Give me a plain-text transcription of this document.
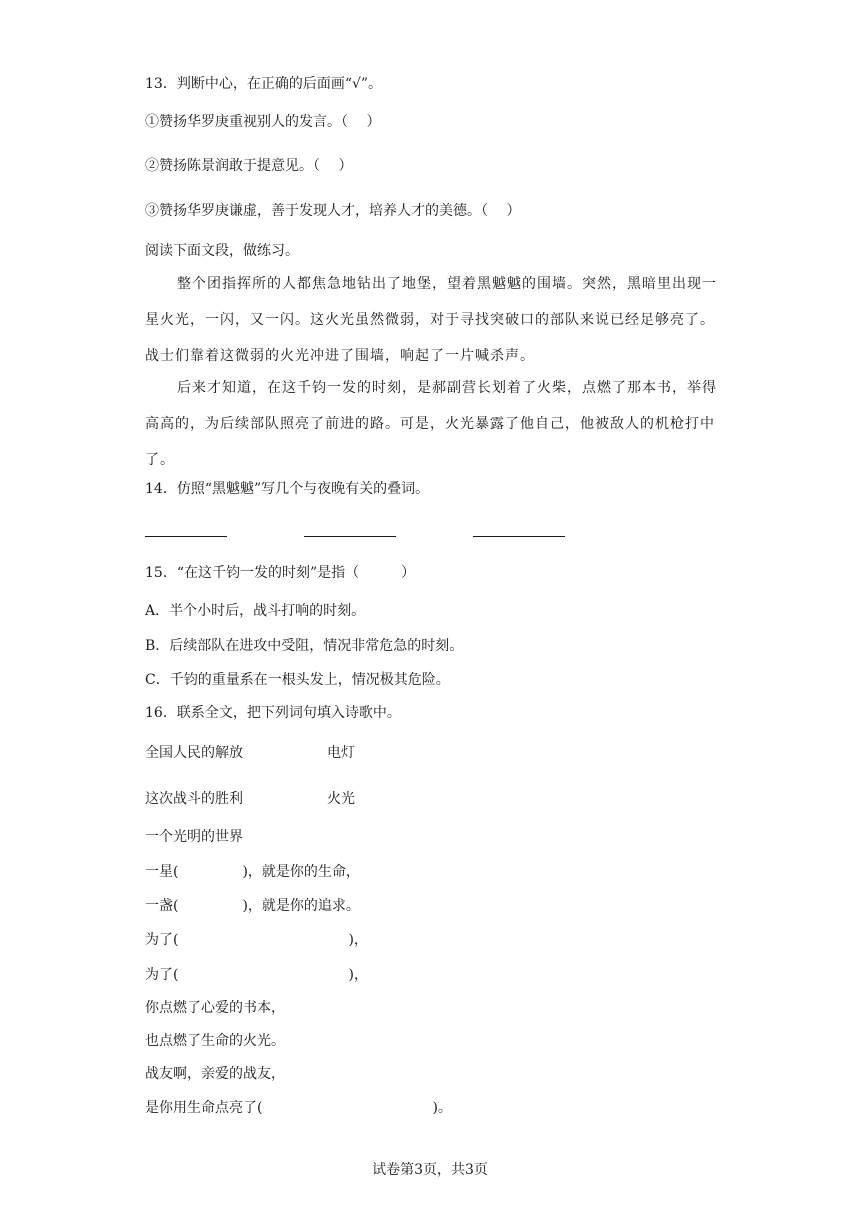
13．判断中心，在正确的后面画“√”。
①赞扬华罗庚重视别人的发言。（　 ）
②赞扬陈景润敢于提意见。（　 ）
③赞扬华罗庚谦虚，善于发现人才，培养人才的美德。（　 ）
阅读下面文段，做练习。
整个团指挥所的人都焦急地钻出了地堡，望着黑魆魆的围墙。突然，黑暗里出现一星火光，一闪，又一闪。这火光虽然微弱，对于寻找突破口的部队来说已经足够亮了。战士们靠着这微弱的火光冲进了围墙，响起了一片喊杀声。
后来才知道，在这千钧一发的时刻，是郝副营长划着了火柴，点燃了那本书，举得高高的，为后续部队照亮了前进的路。可是，火光暴露了他自己，他被敌人的机枪打中了。
14．仿照“黑魆魆”写几个与夜晚有关的叠词。
15．“在这千钧一发的时刻”是指（　　　）
A．半个小时后，战斗打响的时刻。
B．后续部队在进攻中受阻，情况非常危急的时刻。
C．千钧的重量系在一根头发上，情况极其危险。
16．联系全文，把下列词句填入诗歌中。
全国人民的解放	电灯
这次战斗的胜利	火光
一个光明的世界
一星(	)，就是你的生命，
一盏(	)，就是你的追求。
为了(	)，
为了(	)，
你点燃了心爱的书本，
也点燃了生命的火光。
战友啊，亲爱的战友，
是你用生命点亮了(	)。
试卷第3页，共3页
